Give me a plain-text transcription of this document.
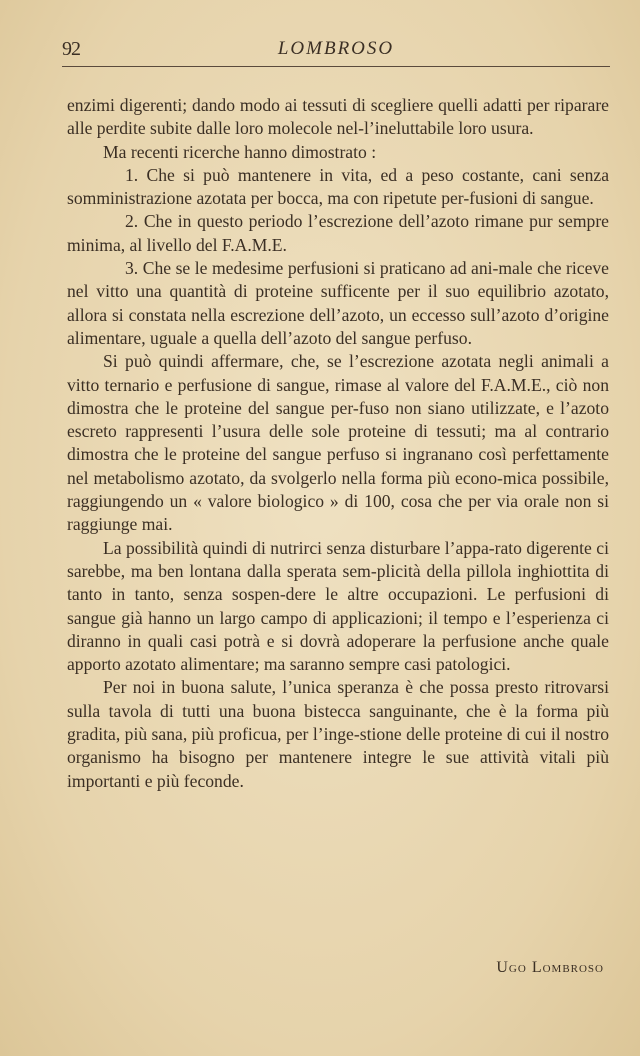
92	LOMBROSO

enzimi digerenti; dando modo ai tessuti di scegliere quelli adatti per riparare alle perdite subite dalle loro molecole nel-l’ineluttabile loro usura.

Ma recenti ricerche hanno dimostrato :

1. Che si può mantenere in vita, ed a peso costante, cani senza somministrazione azotata per bocca, ma con ripetute per-fusioni di sangue.

2. Che in questo periodo l’escrezione dell’azoto rimane pur sempre minima, al livello del F.A.M.E.

3. Che se le medesime perfusioni si praticano ad ani-male che riceve nel vitto una quantità di proteine sufficente per il suo equilibrio azotato, allora si constata nella escrezione dell’azoto, un eccesso sull’azoto d’origine alimentare, uguale a quella dell’azoto del sangue perfuso.

Si può quindi affermare, che, se l’escrezione azotata negli animali a vitto ternario e perfusione di sangue, rimase al valore del F.A.M.E., ciò non dimostra che le proteine del sangue per-fuso non siano utilizzate, e l’azoto escreto rappresenti l’usura delle sole proteine di tessuti; ma al contrario dimostra che le proteine del sangue perfuso si ingranano così perfettamente nel metabolismo azotato, da svolgerlo nella forma più econo-mica possibile, raggiungendo un « valore biologico » di 100, cosa che per via orale non si raggiunge mai.

La possibilità quindi di nutrirci senza disturbare l’appa-rato digerente ci sarebbe, ma ben lontana dalla sperata sem-plicità della pillola inghiottita di tanto in tanto, senza sospen-dere le altre occupazioni. Le perfusioni di sangue già hanno un largo campo di applicazioni; il tempo e l’esperienza ci diranno in quali casi potrà e si dovrà adoperare la perfusione anche quale apporto azotato alimentare; ma saranno sempre casi patologici.

Per noi in buona salute, l’unica speranza è che possa presto ritrovarsi sulla tavola di tutti una buona bistecca sanguinante, che è la forma più gradita, più sana, più proficua, per l’inge-stione delle proteine di cui il nostro organismo ha bisogno per mantenere integre le sue attività vitali più importanti e più feconde.

Ugo Lombroso
